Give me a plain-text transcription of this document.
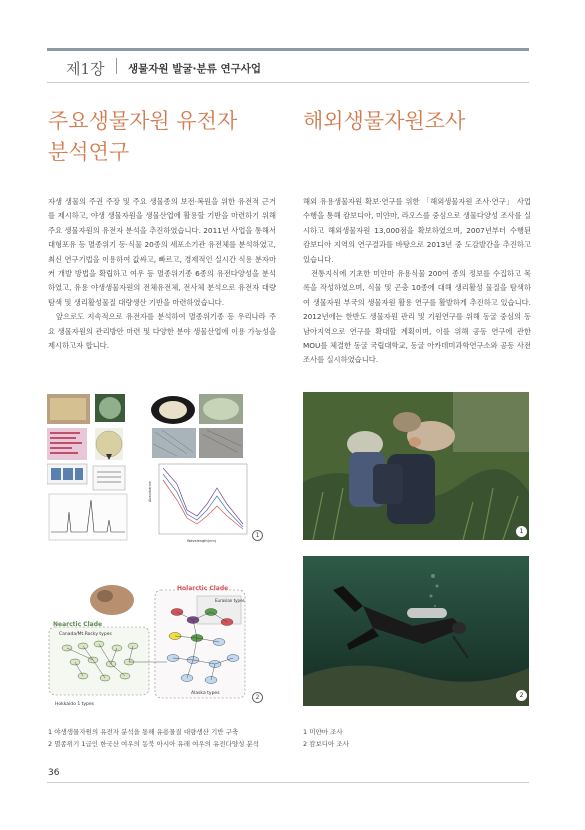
제1장 생물자원 발굴·분류 연구사업
주요생물자원 유전자
분석연구
해외생물자원조사

자생 생물의 주권 주장 및 주요 생물종의 보전·복원을 위한 유전적 근거를 제시하고, 야생 생물자원을 생물산업에 활용할 기반을 마련하기 위해 주요 생물자원의 유전자 분석을 추진하였습니다. 2011년 사업을 통해서 대형포유 등 멸종위기 동·식물 20종의 세포소기관 유전체를 분석하였고, 최신 연구기법을 이용하여 값싸고, 빠르고, 경제적인 실시간 식용 분자마커 개발 방법을 확립하고 여우 등 멸종위기종 6종의 유전다양성을 분석하였고, 유용 야생생물자원의 전체유전체, 전사체 분석으로 유전자 대량 탐색 및 생리활성물질 대량생산 기반을 마련하였습니다.

앞으로도 지속적으로 유전자를 분석하여 멸종위기종 등 우리나라 주요 생물자원의 관리방안 마련 및 다양한 분야 생물산업에 이용 가능성을 제시하고자 합니다.

해외 유용생물자원 확보·연구를 위한 「해외생물자원 조사·연구」 사업 수행을 통해 캄보디아, 미얀마, 라오스를 중심으로 생물다양성 조사를 실시하고 해외생물자원 13,000점을 확보하였으며, 2007년부터 수행된 캄보디아 지역의 연구결과를 바탕으로 2013년 중 도감발간을 추진하고 있습니다.

전통지식에 기초한 미얀마 유용식물 200여 종의 정보를 수집하고 목록을 작성하였으며, 식물 및 곤충 10종에 대해 생리활성 물질을 탐색하여 생물자원 부국의 생물자원 활용 연구를 활발하게 추진하고 있습니다. 2012년에는 한반도 생물자원 관리 및 기원연구를 위해 동굴 중심의 동남아지역으로 연구를 확대할 계획이며, 이를 위해 공동 연구에 관한 MOU를 체결한 동굴 국립대학교, 동굴 아카데미과학연구소와 공동 사전조사를 실시하였습니다.

Absorbance
Wavelength(nm)
1
Holarctic Clade
Eurasian types
Nearctic Clade
Canada/Mt.Rocky types
Alaska types
Hokkaido 1 types
2
1
2
1 야생생물자원의 유전자 분석을 통해 유용물질 대량생산 기반 구축
2 멸종위기 1급인 한국산 여우의 동북 아시아 유래 여우의 유전다양성 분석
1 미얀마 조사
2 캄보디아 조사
36
